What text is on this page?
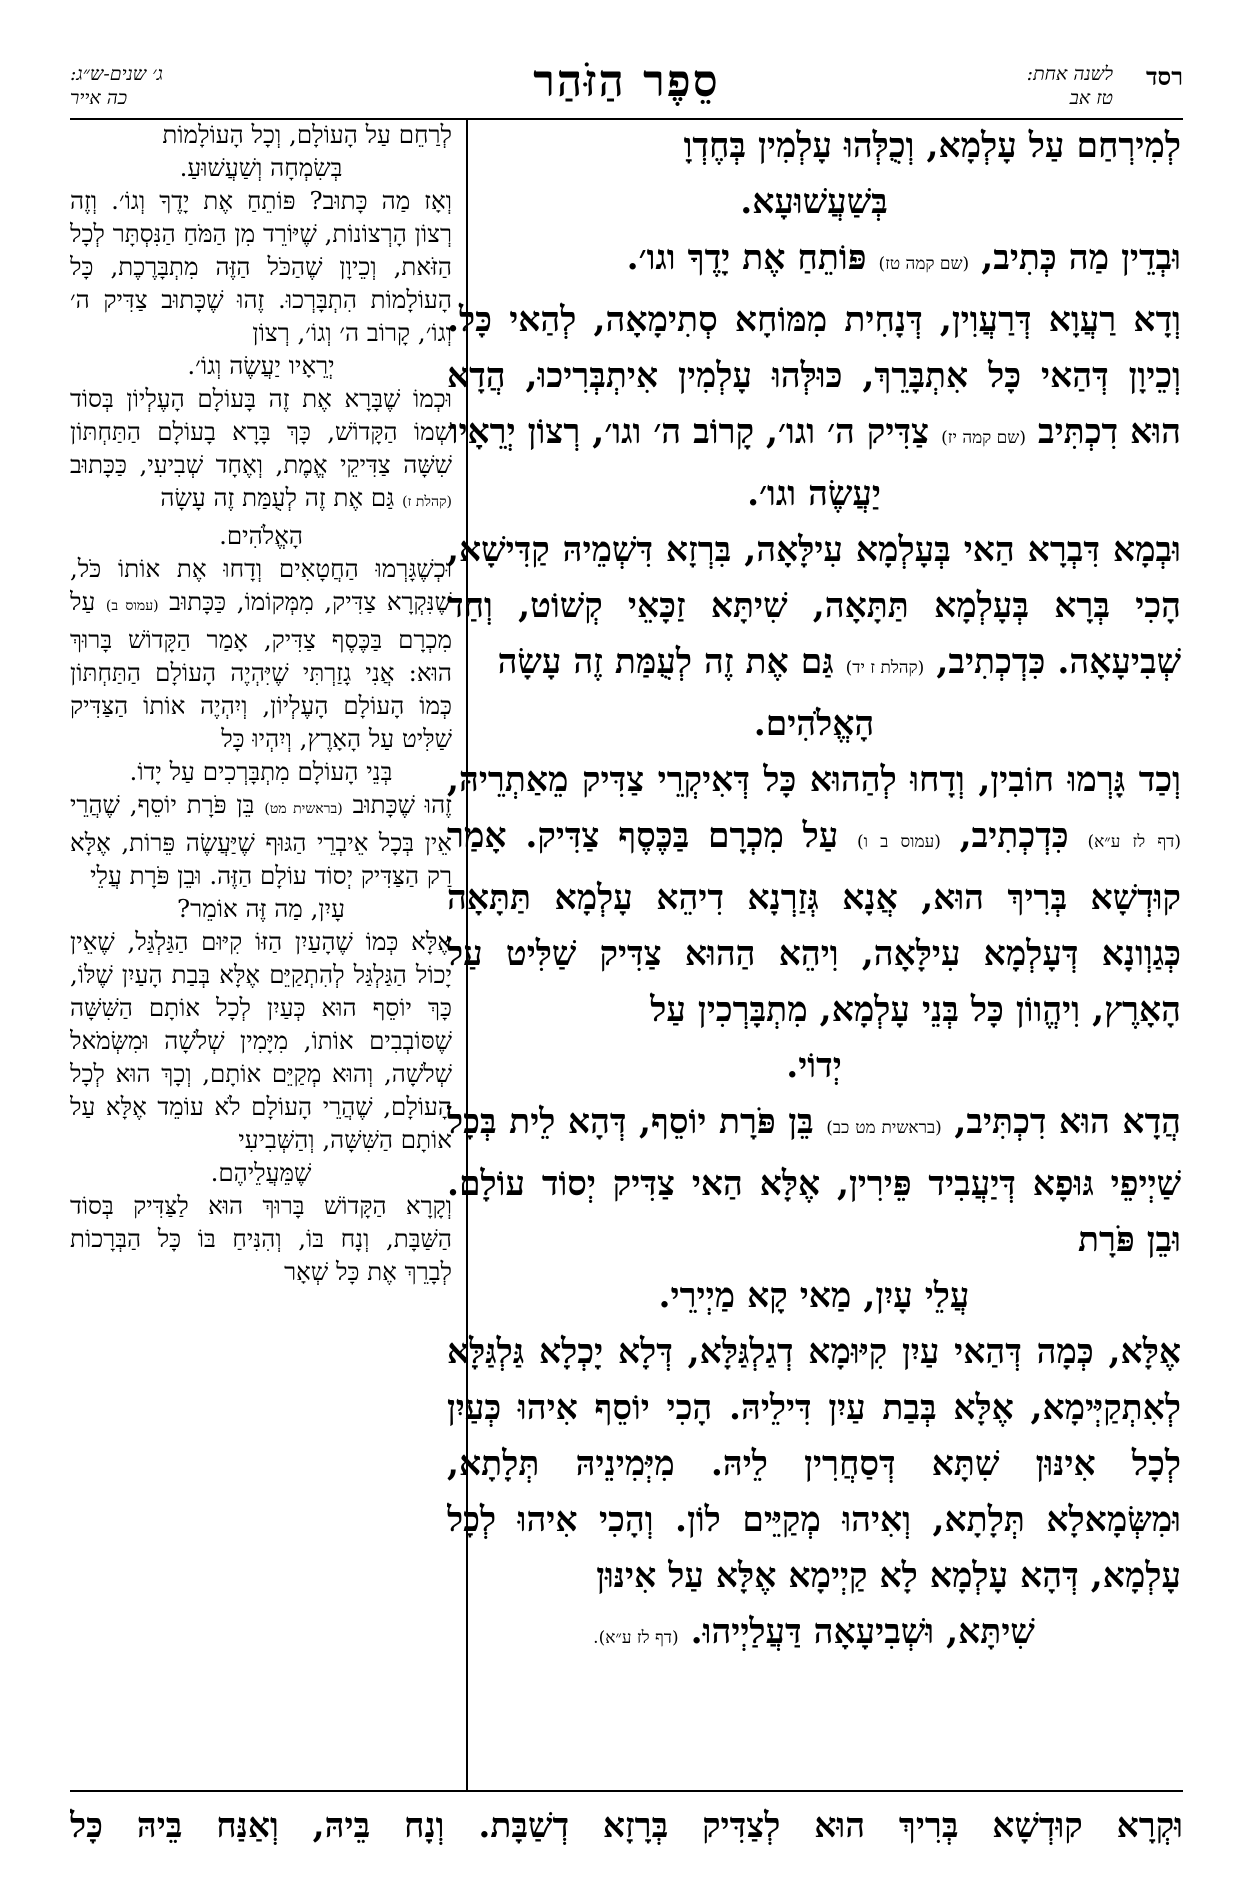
רסד
לשנה אחת:
טז אב
סֵפֶר הַזֹּהַר
ג׳ שנים-ש״ג:
כה אייר

לְמִירְחַם עַל עָלְמָא, וְכֻלְּהוּ עָלְמִין בְּחֶדְוָ

בְּשַׁעֲשׁוּעָא.

וּבְדֵין מַה כְּתִיב, (שם קמה טז) פּוֹתֵחַ אֶת יָדֶךָ וגו׳.

וְדָא רַעֲוָא דְּרַעֲוִין, דְּנָחִית מִמּוֹחָא סְתִימָאָה, לְהַאי כָּל. וְכֵיוָן דְּהַאי כָּל אִתְבָּרֵךְ, כּוּלְּהוּ עָלְמִין אִיתְבְּרִיכוּ, הֲדָא הוּא דִכְתִּיב (שם קמה יז) צַדִּיק ה׳ וגו׳, קָרוֹב ה׳ וגו׳, רְצוֹן יְרֵאָיו

יַעֲשֶׂה וגו׳.

וּבְמָא דִּבְרָא הַאי בְּעָלְמָא עִילָּאָה, בִּרְזָא דִּשְׁמֵיהּ קַדִּישָׁא, הָכִי בְּרָא בְּעָלְמָא תַּתָּאָה, שִׁיתָּא זַכָּאֵי קְשׁוֹט, וְחַד שְׁבִיעָאָה. כִּדְכְתִיב, (קהלת ז יד) גַּם אֶת זֶה לְעֻמַּת זֶה עָשָׂה

הָאֱלֹהִים.

וְכַד גָּרְמוּ חוֹבִין, וְדָחוּ לְהַהוּא כָּל דְּאִיקְרֵי צַדִּיק מֵאַתְרֵיהּ, (דף לז ע״א) כִּדְכְתִיב, (עמוס ב ו) עַל מִכְרָם בַּכֶּסֶף צַדִּיק. אָמַר קוּדְשָׁא בְּרִיךְ הוּא, אֲנָא גְּזַרְנָא דִיהֵא עָלְמָא תַּתָּאָה כְּגַוְונָא דְּעָלְמָא עִילָּאָה, וִיהֵא הַהוּא צַדִּיק שַׁלִּיט עַל הָאָרֶץ, וִיהֱווֹן כָּל בְּנֵי עָלְמָא, מִתְבָּרְכִין עַל

יְדוֹי.

הֲדָא הוּא דִכְתִּיב, (בראשית מט כב) בֵּן פֹּרָת יוֹסֵף, דְּהָא לֵית בְּכָל שַׁיְיפֵי גּוּפָא דְּיַעֲבִיד פֵּירִין, אֶלָּא הַאי צַדִּיק יְסוֹד עוֹלָם. וּבֵן פֹּרָת

עֲלֵי עָיִן, מַאי קָא מַיְירֵי.

אֶלָּא, כְּמָה דְּהַאי עַיִן קִיּוּמָא דְגַלְגַּלָּא, דְּלָא יָכְלָא גַּלְגַּלָּא לְאִתְקַיְּימָא, אֶלָּא בְּבַת עַיִן דִּילֵיהּ. הָכִי יוֹסֵף אִיהוּ כְּעַיִן לְכָל אִינּוּן שִׁתָּא דְּסַחֲרִין לֵיהּ. מִיְּמִינֵיהּ תְּלָתָא, וּמִשְּׂמָאלָא תְּלָתָא, וְאִיהוּ מְקַיֵּים לוֹן. וְהָכִי אִיהוּ לְכָל עָלְמָא, דְּהָא עָלְמָא לָא קַיְימָא אֶלָּא עַל אִינּוּן

שִׁיתָּא, וּשְׁבִיעָאָה דַּעֲלַיְיהוּ. (דף לז ע״א).

לְרַחֵם עַל הָעוֹלָם, וְכָל הָעוֹלָמוֹת

בְּשִׂמְחָה וְשַׁעֲשׁוּעַ.

וְאָז מַה כָּתוּב? פּוֹתֵחַ אֶת יָדֶךָ וְגוֹ׳. וְזֶה רְצוֹן הָרְצוֹנוֹת, שֶׁיּוֹרֵד מִן הַמֹּחַ הַנִּסְתָּר לְכָל הַזֹּאת, וְכֵיוָן שֶׁהַכֹּל הַזֶּה מִתְבָּרֶכֶת, כָּל הָעוֹלָמוֹת הִתְבָּרְכוּ. זֶהוּ שֶׁכָּתוּב צַדִּיק ה׳ וְגוֹ׳, קָרוֹב ה׳ וְגוֹ׳, רְצוֹן

יְרֵאָיו יַעֲשֶׂה וְגוֹ׳.

וּכְמוֹ שֶׁבָּרָא אֶת זֶה בָּעוֹלָם הָעֶלְיוֹן בְּסוֹד שְׁמוֹ הַקָּדוֹשׁ, כָּךְ בָּרָא בָעוֹלָם הַתַּחְתּוֹן שִׁשָּׁה צַדִּיקֵי אֱמֶת, וְאֶחָד שְׁבִיעִי, כַּכָּתוּב (קהלת ז) גַּם אֶת זֶה לְעֻמַּת זֶה עָשָׂה

הָאֱלֹהִים.

וּכְשֶׁגָּרְמוּ הַחֲטָאִים וְדָחוּ אֶת אוֹתוֹ כֹּל, שֶׁנִּקְרָא צַדִּיק, מִמְּקוֹמוֹ, כַּכָּתוּב (עמוס ב) עַל מִכְרָם בַּכֶּסֶף צַדִּיק, אָמַר הַקָּדוֹשׁ בָּרוּךְ הוּא: אֲנִי גָזַרְתִּי שֶׁיִּהְיֶה הָעוֹלָם הַתַּחְתּוֹן כְּמוֹ הָעוֹלָם הָעֶלְיוֹן, וְיִהְיֶה אוֹתוֹ הַצַּדִּיק שַׁלִּיט עַל הָאָרֶץ, וְיִהְיוּ כָּל

בְּנֵי הָעוֹלָם מִתְבָּרְכִים עַל יָדוֹ.

זֶהוּ שֶׁכָּתוּב (בראשית מט) בֵּן פֹּרָת יוֹסֵף, שֶׁהֲרֵי אֵין בְּכָל אֵיבְרֵי הַגּוּף שֶׁיַּעֲשֶׂה פֵּרוֹת, אֶלָּא רַק הַצַּדִּיק יְסוֹד עוֹלָם הַזֶּה. וּבֵן פֹּרָת עֲלֵי

עָיִן, מַה זֶּה אוֹמֵר?

אֶלָּא כְּמוֹ שֶׁהָעַיִן הַזּוֹ קִיּוּם הַגַּלְגַּל, שֶׁאֵין יָכוֹל הַגַּלְגַּל לְהִתְקַיֵּם אֶלָּא בְּבַת הָעַיִן שֶׁלּוֹ, כָּךְ יוֹסֵף הוּא כְּעַיִן לְכָל אוֹתָם הַשִּׁשָּׁה שֶׁסּוֹבְבִים אוֹתוֹ, מִיָּמִין שְׁלֹשָׁה וּמִשְּׂמֹאל שְׁלֹשָׁה, וְהוּא מְקַיֵּם אוֹתָם, וְכָךְ הוּא לְכָל הָעוֹלָם, שֶׁהֲרֵי הָעוֹלָם לֹא עוֹמֵד אֶלָּא עַל אוֹתָם הַשִּׁשָּׁה, וְהַשְּׁבִיעִי

שֶׁמֵּעֲלֵיהֶם.

וְקָרָא הַקָּדוֹשׁ בָּרוּךְ הוּא לַצַּדִּיק בְּסוֹד הַשַּׁבָּת, וְנָח בּוֹ, וְהִנִּיחַ בּוֹ כָּל הַבְּרָכוֹת לְבָרֵךְ אֶת כָּל שְׁאָר

וּקְרָא קוּדְשָׁא בְּרִיךְ הוּא לְצַדִּיק בְּרָזָא דְשַׁבָּת. וְנָח בֵּיהּ, וְאַנַּח בֵּיהּ כָּל
